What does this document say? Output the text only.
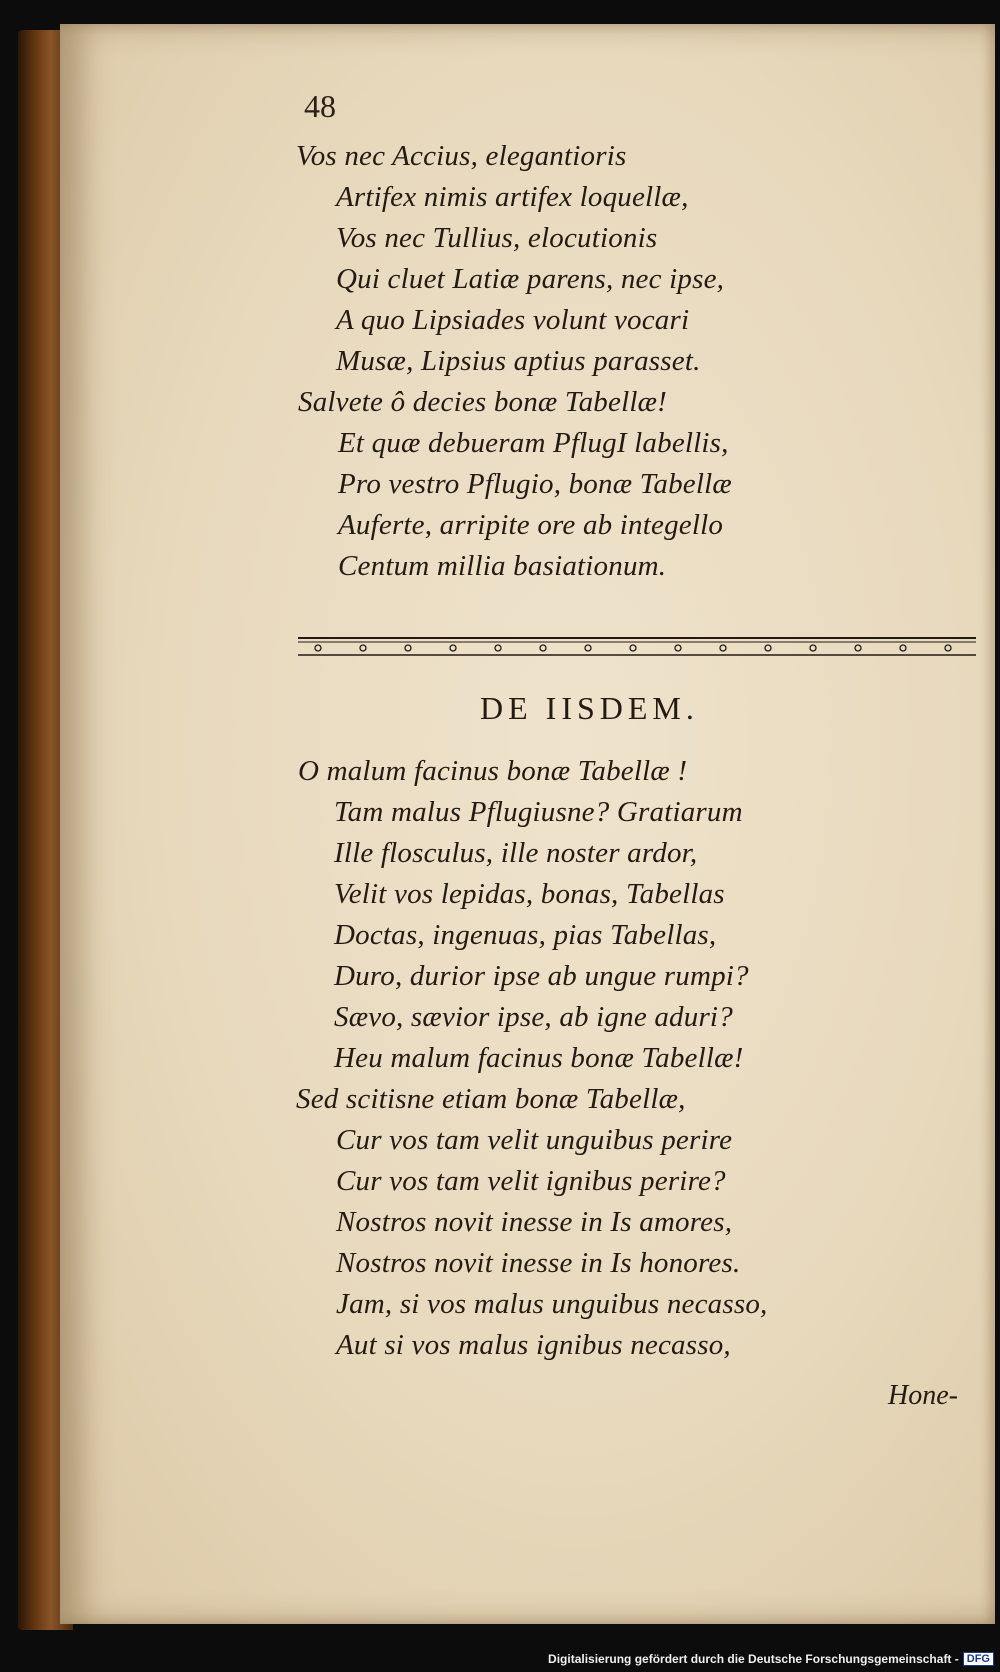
48
Vos nec Accius, elegantioris
Artifex nimis artifex loquellæ,
Vos nec Tullius, elocutionis
Qui cluet Latiæ parens, nec ipse,
A quo Lipsiades volunt vocari
Musæ, Lipsius aptius parasset.
Salvete ô decies bonæ Tabellæ!
Et quæ debueram PflugI labellis,
Pro vestro Pflugio, bonæ Tabellæ
Auferte, arripite ore ab integello
Centum millia basiationum.
DE IISDEM.
O malum facinus bonæ Tabellæ !
Tam malus Pflugiusne? Gratiarum
Ille flosculus, ille noster ardor,
Velit vos lepidas, bonas, Tabellas
Doctas, ingenuas, pias Tabellas,
Duro, durior ipse ab ungue rumpi?
Sævo, sævior ipse, ab igne aduri?
Heu malum facinus bonæ Tabellæ!
Sed scitisne etiam bonæ Tabellæ,
Cur vos tam velit unguibus perire
Cur vos tam velit ignibus perire?
Nostros novit inesse in Is amores,
Nostros novit inesse in Is honores.
Jam, si vos malus unguibus necasso,
Aut si vos malus ignibus necasso,
Hone-
Digitalisierung gefördert durch die Deutsche Forschungsgemeinschaft - DFG
